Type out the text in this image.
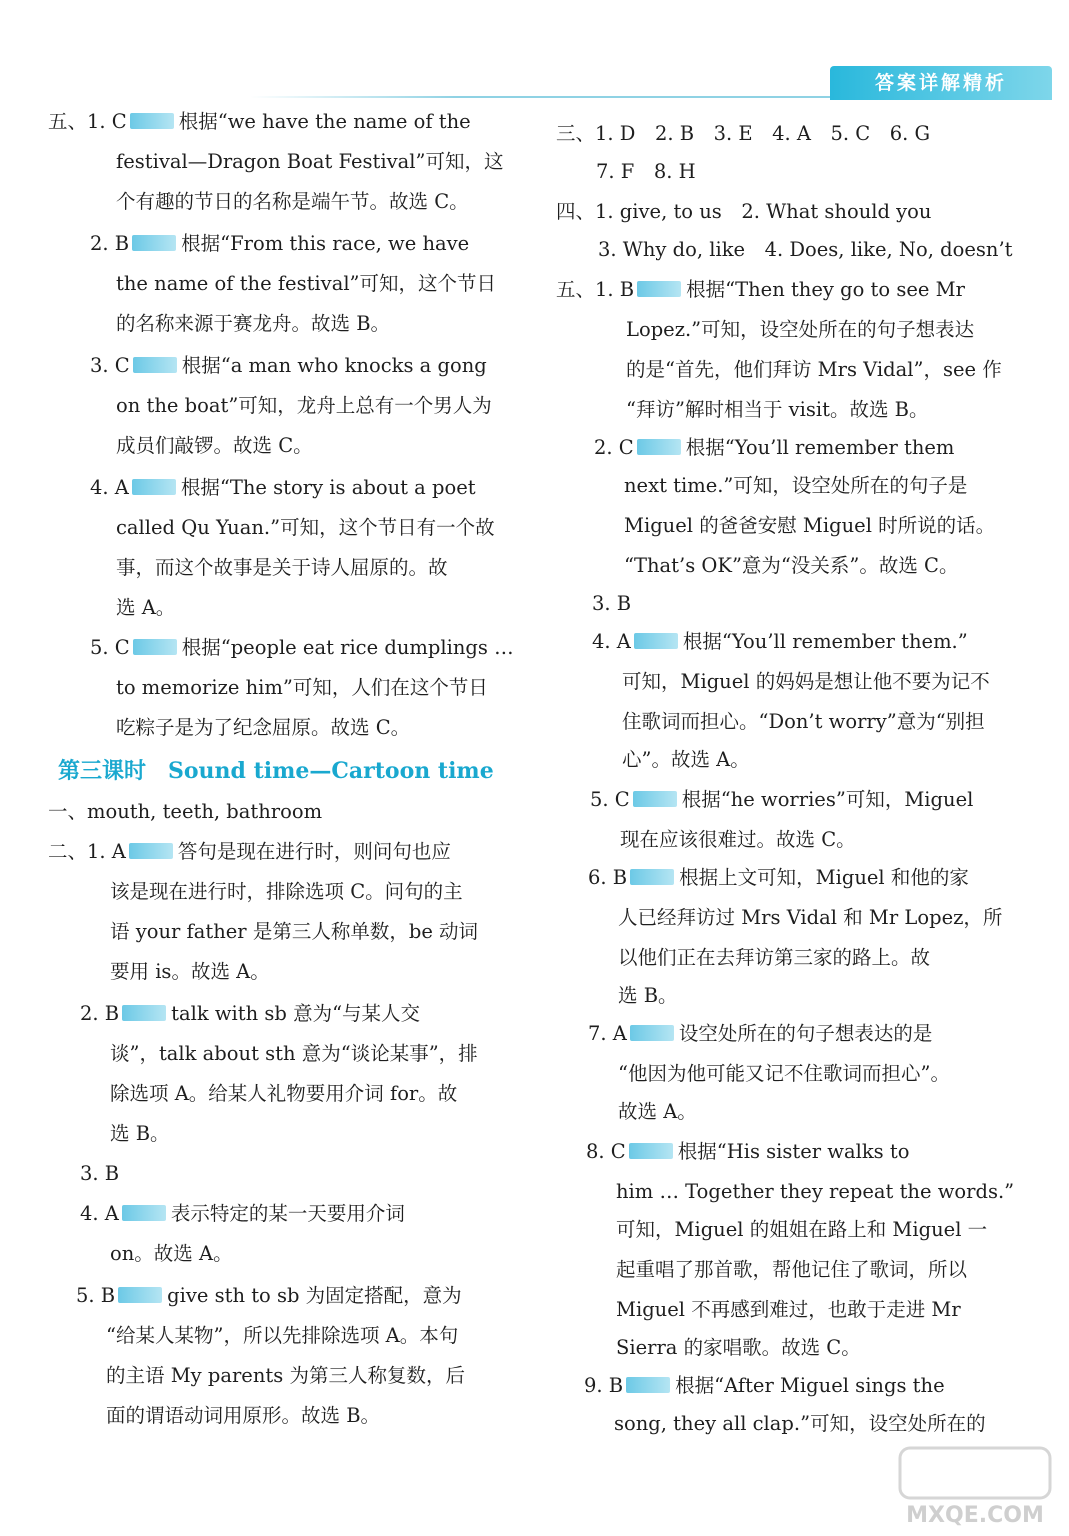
答案详解精析
五、1. C	根据“we have the name of the
festival—Dragon Boat Festival”可知，这
个有趣的节日的名称是端午节。故选 C。
2. B	根据“From this race, we have
the name of the festival”可知，这个节日
的名称来源于赛龙舟。故选 B。
3. C	根据“a man who knocks a gong
on the boat”可知，龙舟上总有一个男人为
成员们敲锣。故选 C。
4. A	根据“The story is about a poet
called Qu Yuan.”可知，这个节日有一个故
事，而这个故事是关于诗人屈原的。故
选 A。
5. C	根据“people eat rice dumplings …
to memorize him”可知，人们在这个节日
吃粽子是为了纪念屈原。故选 C。
一、mouth, teeth, bathroom
二、1. A	答句是现在进行时，则问句也应
该是现在进行时，排除选项 C。问句的主
语 your father 是第三人称单数，be 动词
要用 is。故选 A。
2. B	talk with sb 意为“与某人交
谈”，talk about sth 意为“谈论某事”，排
除选项 A。给某人礼物要用介词 for。故
选 B。
3. B
4. A	表示特定的某一天要用介词
on。故选 A。
5. B	give sth to sb 为固定搭配，意为
“给某人某物”，所以先排除选项 A。本句
的主语 My parents 为第三人称复数，后
面的谓语动词用原形。故选 B。
第三课时　Sound time—Cartoon time
三、1. D　2. B　3. E　4. A　5. C　6. G
7. F　8. H
四、1. give, to us　2. What should you
3. Why do, like　4. Does, like, No, doesn’t
五、1. B	根据“Then they go to see Mr
Lopez.”可知，设空处所在的句子想表达
的是“首先，他们拜访 Mrs Vidal”，see 作
“拜访”解时相当于 visit。故选 B。
2. C	根据“You’ll remember them
next time.”可知，设空处所在的句子是
Miguel 的爸爸安慰 Miguel 时所说的话。
“That’s OK”意为“没关系”。故选 C。
3. B
4. A	根据“You’ll remember them.”
可知，Miguel 的妈妈是想让他不要为记不
住歌词而担心。“Don’t worry”意为“别担
心”。故选 A。
5. C	根据“he worries”可知，Miguel
现在应该很难过。故选 C。
6. B	根据上文可知，Miguel 和他的家
人已经拜访过 Mrs Vidal 和 Mr Lopez，所
以他们正在去拜访第三家的路上。故
选 B。
7. A	设空处所在的句子想表达的是
“他因为他可能又记不住歌词而担心”。
故选 A。
8. C	根据“His sister walks to
him … Together they repeat the words.”
可知，Miguel 的姐姐在路上和 Miguel 一
起重唱了那首歌，帮他记住了歌词，所以
Miguel 不再感到难过，也敢于走进 Mr
Sierra 的家唱歌。故选 C。
9. B	根据“After Miguel sings the
song, they all clap.”可知，设空处所在的
MXQE.COM
